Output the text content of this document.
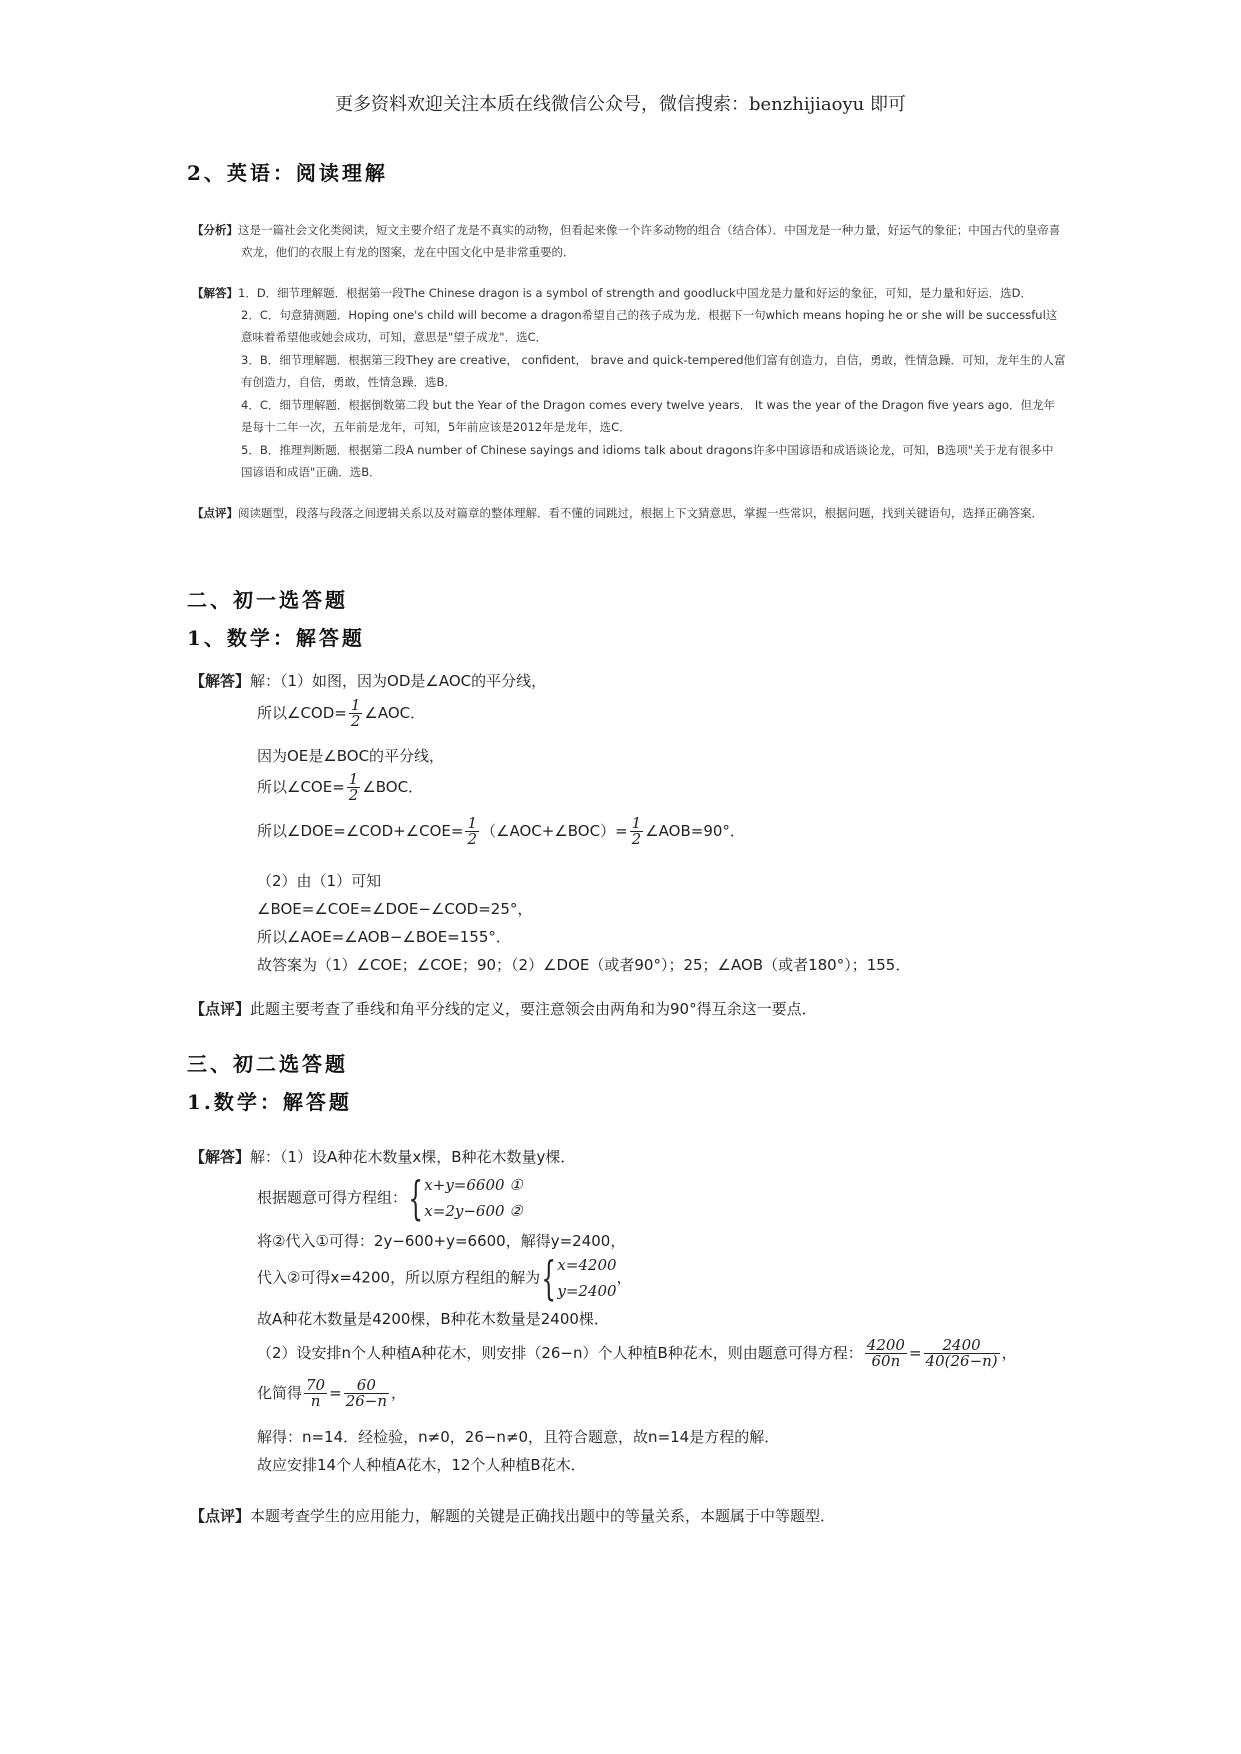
更多资料欢迎关注本质在线微信公众号，微信搜索：benzhijiaoyu 即可
2、英语：阅读理解
【分析】这是一篇社会文化类阅读，短文主要介绍了龙是不真实的动物，但看起来像一个许多动物的组合（结合体）．中国龙是一种力量，好运气的象征；中国古代的皇帝喜
欢龙，他们的衣服上有龙的图案，龙在中国文化中是非常重要的．
【解答】1．D．细节理解题．根据第一段The Chinese dragon is a symbol of strength and goodluck中国龙是力量和好运的象征，可知，是力量和好运．选D．
2．C．句意猜测题．Hoping one's child will become a dragon希望自己的孩子成为龙．根据下一句which means hoping he or she will be successful这
意味着希望他或她会成功，可知，意思是"望子成龙"．选C．
3．B．细节理解题．根据第三段They are creative， confident， brave and quick-tempered他们富有创造力，自信，勇敢，性情急躁．可知，龙年生的人富
有创造力，自信，勇敢，性情急躁．选B．
4．C．细节理解题．根据倒数第二段 but the Year of the Dragon comes every twelve years． It was the year of the Dragon five years ago．但龙年
是每十二年一次，五年前是龙年，可知，5年前应该是2012年是龙年，选C．
5．B．推理判断题．根据第二段A number of Chinese sayings and idioms talk about dragons许多中国谚语和成语谈论龙，可知，B选项"关于龙有很多中
国谚语和成语"正确．选B．
【点评】阅读题型，段落与段落之间逻辑关系以及对篇章的整体理解．看不懂的词跳过，根据上下文猜意思，掌握一些常识，根据问题，找到关键语句，选择正确答案．
二、初一选答题
1、数学：解答题
【解答】解：（1）如图，因为OD是∠AOC的平分线，
所以∠COD= $\frac{1}{2}$ ∠AOC．
因为OE是∠BOC的平分线，
所以∠COE= $\frac{1}{2}$ ∠BOC．
所以∠DOE=∠COD+∠COE= $\frac{1}{2}$ （∠AOC+∠BOC）= $\frac{1}{2}$ ∠AOB=90°．
（2）由（1）可知
∠BOE=∠COE=∠DOE−∠COD=25°，
所以∠AOE=∠AOB−∠BOE=155°．
故答案为（1）∠COE；∠COE；90；（2）∠DOE（或者90°）；25；∠AOB（或者180°）；155．
【点评】此题主要考查了垂线和角平分线的定义，要注意领会由两角和为90°得互余这一要点．
三、初二选答题
1.数学：解答题
【解答】解：（1）设A种花木数量x棵，B种花木数量y棵．
根据题意可得方程组：{ x+y=6600 ①
x=2y−600 ②
将②代入①可得：2y−600+y=6600，解得y=2400，
代入②可得x=4200，所以原方程组的解为{ x=4200
y=2400
，
故A种花木数量是4200棵，B种花木数量是2400棵．
（2）设安排n个人种植A种花木，则安排（26−n）个人种植B种花木，则由题意可得方程： $\frac{4200}{60n} = \frac{2400}{40(26-n)}$ ，
化简得 $\frac{70}{n} = \frac{60}{26-n}$ ，
解得：n=14．经检验，n≠0，26−n≠0，且符合题意，故n=14是方程的解．
故应安排14个人种植A花木，12个人种植B花木．
【点评】本题考查学生的应用能力，解题的关键是正确找出题中的等量关系，本题属于中等题型．
